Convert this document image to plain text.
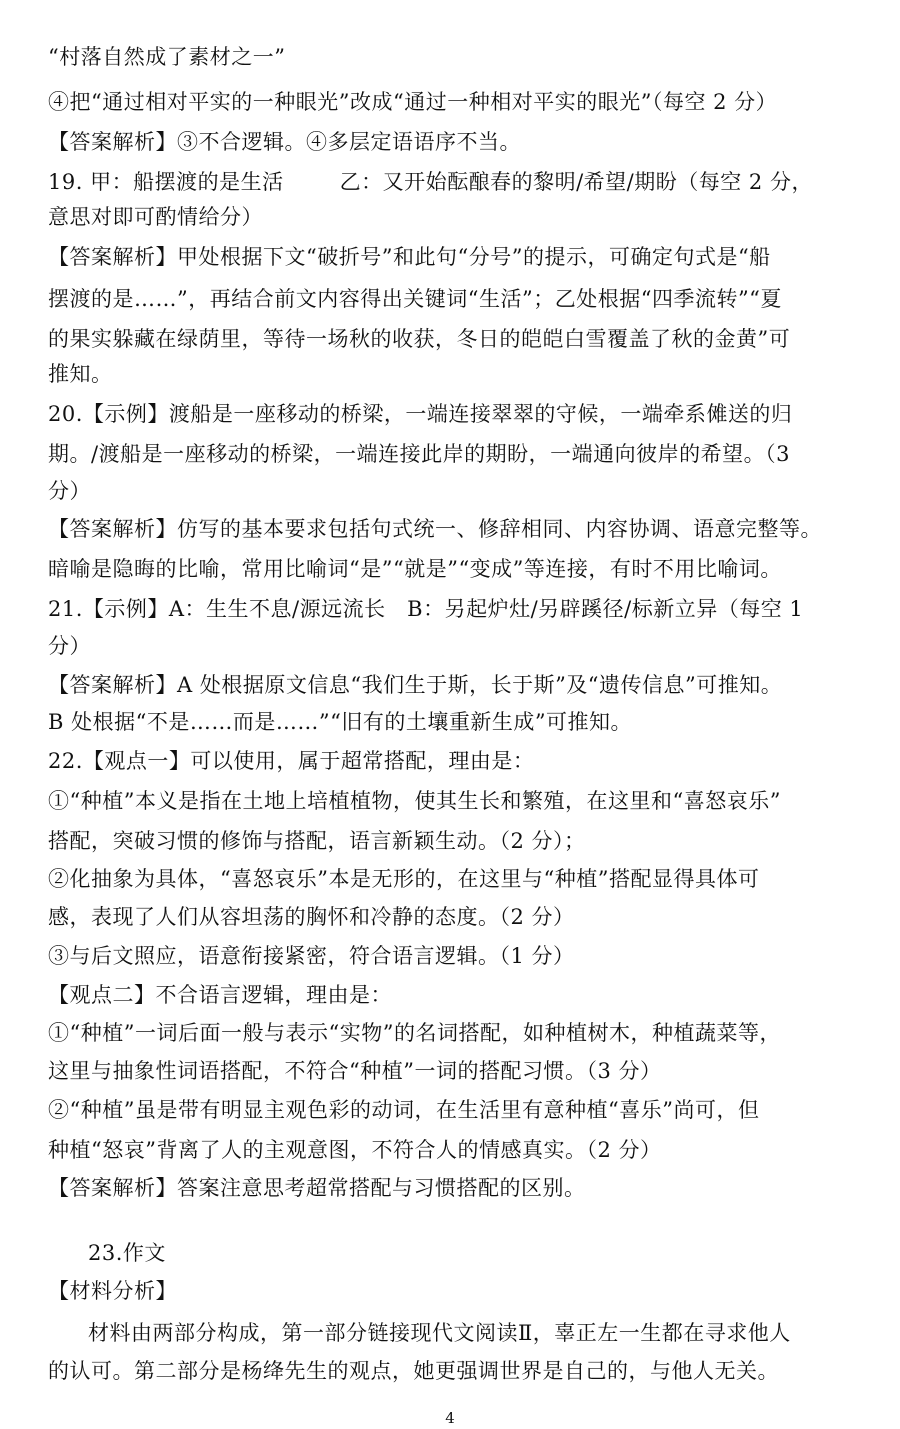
“村落自然成了素材之一”
④把“通过相对平实的一种眼光”改成“通过一种相对平实的眼光”（每空 2 分）
【答案解析】③不合逻辑。④多层定语语序不当。
19. 甲：船摆渡的是生活	乙：又开始酝酿春的黎明/希望/期盼（每空 2 分，
意思对即可酌情给分）
【答案解析】甲处根据下文“破折号”和此句“分号”的提示，可确定句式是“船
摆渡的是……”，再结合前文内容得出关键词“生活”；乙处根据“四季流转”“夏
的果实躲藏在绿荫里，等待一场秋的收获，冬日的皑皑白雪覆盖了秋的金黄”可
推知。
20.【示例】渡船是一座移动的桥梁，一端连接翠翠的守候，一端牵系傩送的归
期。/渡船是一座移动的桥梁，一端连接此岸的期盼，一端通向彼岸的希望。（3
分）
【答案解析】仿写的基本要求包括句式统一、修辞相同、内容协调、语意完整等。
暗喻是隐晦的比喻，常用比喻词“是”“就是”“变成”等连接，有时不用比喻词。
21.【示例】A：生生不息/源远流长　B：另起炉灶/另辟蹊径/标新立异（每空 1
分）
【答案解析】A 处根据原文信息“我们生于斯，长于斯”及“遗传信息”可推知。
B 处根据“不是……而是……”“旧有的土壤重新生成”可推知。
22.【观点一】可以使用，属于超常搭配，理由是：
①“种植”本义是指在土地上培植植物，使其生长和繁殖，在这里和“喜怒哀乐”
搭配，突破习惯的修饰与搭配，语言新颖生动。（2 分）；
②化抽象为具体，“喜怒哀乐”本是无形的，在这里与“种植”搭配显得具体可
感，表现了人们从容坦荡的胸怀和冷静的态度。（2 分）
③与后文照应，语意衔接紧密，符合语言逻辑。（1 分）
【观点二】不合语言逻辑，理由是：
①“种植”一词后面一般与表示“实物”的名词搭配，如种植树木，种植蔬菜等，
这里与抽象性词语搭配，不符合“种植”一词的搭配习惯。（3 分）
②“种植”虽是带有明显主观色彩的动词，在生活里有意种植“喜乐”尚可，但
种植“怒哀”背离了人的主观意图，不符合人的情感真实。（2 分）
【答案解析】答案注意思考超常搭配与习惯搭配的区别。
23.作文
【材料分析】
材料由两部分构成，第一部分链接现代文阅读Ⅱ，辜正左一生都在寻求他人
的认可。第二部分是杨绛先生的观点，她更强调世界是自己的，与他人无关。
4
